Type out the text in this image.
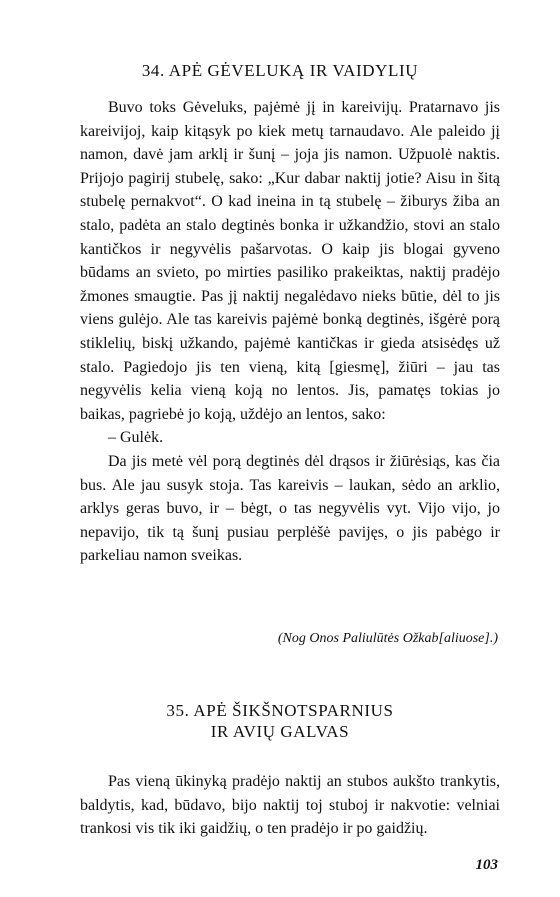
34. APĖ GĖVELUKĄ IR VAIDYLIŲ

Buvo toks Gėveluks, pajėmė jį in kareivijų. Pratarnavo jis kareivijoj, kaip kitąsyk po kiek metų tarnaudavo. Ale paleido jį namon, davė jam arklį ir šunį – joja jis namon. Užpuolė naktis. Prijojo pagirij stubelę, sako: „Kur dabar naktij jotie? Aisu in šitą stubelę pernakvot“. O kad ineina in tą stubelę – žiburys žiba an stalo, padėta an stalo degtinės bonka ir užkandžio, stovi an stalo kantičkos ir negyvėlis pašarvotas. O kaip jis blogai gyveno būdams an svieto, po mirties pasiliko prakeiktas, naktij pradėjo žmones smaugtie. Pas jį naktij negalėdavo nieks būtie, dėl to jis viens gulėjo. Ale tas kareivis pajėmė bonką degtinės, išgėrė porą stiklelių, biskį užkando, pajėmė kantičkas ir gieda atsisėdęs už stalo. Pagiedojo jis ten vieną, kitą [giesmę], žiūri – jau tas negyvėlis kelia vieną koją no lentos. Jis, pamatęs tokias jo baikas, pagriebė jo koją, uždėjo an lentos, sako:

– Gulėk.

Da jis metė vėl porą degtinės dėl drąsos ir žiūrėsiąs, kas čia bus. Ale jau susyk stoja. Tas kareivis – laukan, sėdo an arklio, arklys geras buvo, ir – bėgt, o tas negyvėlis vyt. Vijo vijo, jo nepavijo, tik tą šunį pusiau perplėšė pavijęs, o jis pabėgo ir parkeliau namon sveikas.

(Nog Onos Paliulūtės Ožkab[aliuose].)

35. APĖ ŠIKŠNOTSPARNIUS
IR AVIŲ GALVAS

Pas vieną ūkinyką pradėjo naktij an stubos aukšto trankytis, baldytis, kad, būdavo, bijo naktij toj stuboj ir nakvotie: velniai trankosi vis tik iki gaidžių, o ten pradėjo ir po gaidžių.

103
